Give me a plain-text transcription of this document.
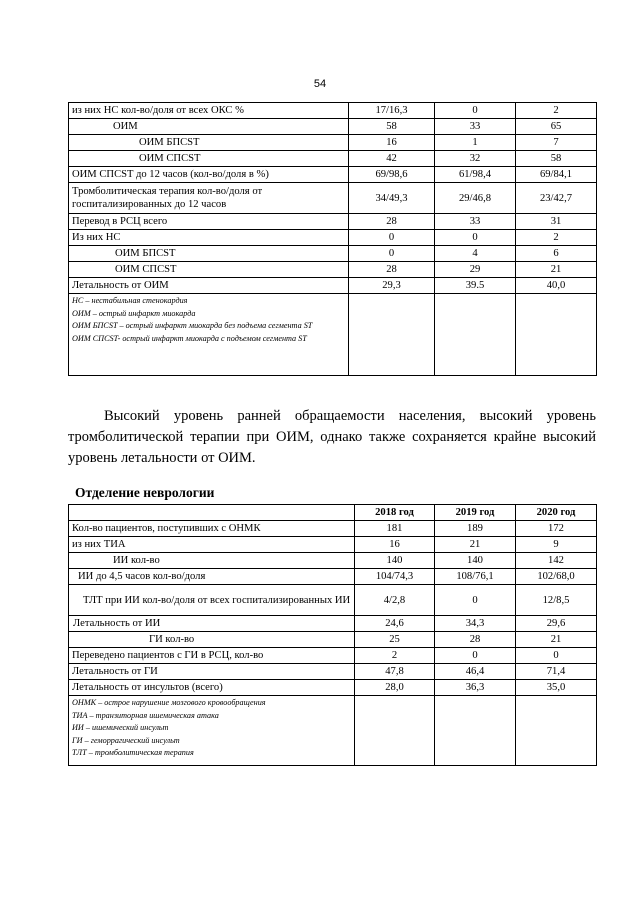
54
из них НС кол-во/доля от всех ОКС %	17/16,3	0	2
ОИМ	58	33	65
ОИМ БПCST	16	1	7
ОИМ СПCST	42	32	58
ОИМ СПCST до 12 часов (кол-во/доля в %)	69/98,6	61/98,4	69/84,1
Тромболитическая терапия кол-во/доля от госпитализированных до 12 часов	34/49,3	29/46,8	23/42,7
Перевод в РСЦ всего	28	33	31
Из них НС	0	0	2
ОИМ БПCST	0	4	6
ОИМ СПCST	28	29	21
Летальность от ОИМ	29,3	39.5	40,0

НС – нестабильная стенокардия
ОИМ – острый инфаркт миокарда
ОИМ БПCST – острый инфаркт миокарда без подъема сегмента ST
ОИМ СПCST- острый инфаркт миокарда с подъемом сегмента ST			

Высокий уровень ранней обращаемости населения, высокий уровень тромболитической терапии при ОИМ, однако также сохраняется крайне высокий уровень летальности от ОИМ.

Отделение неврологии
	2018 год	2019 год	2020 год
Кол-во пациентов, поступивших с ОНМК	181	189	172
из них ТИА	16	21	9
ИИ кол-во	140	140	142
ИИ до 4,5 часов кол-во/доля	104/74,3	108/76,1	102/68,0
ТЛТ при ИИ кол-во/доля от всех госпитализированных ИИ	4/2,8	0	12/8,5
Летальность от ИИ	24,6	34,3	29,6
ГИ кол-во	25	28	21
Переведено пациентов с ГИ в РСЦ, кол-во	2	0	0
Летальность от ГИ	47,8	46,4	71,4
Летальность от инсультов (всего)	28,0	36,3	35,0

ОНМК – острое нарушение мозгового кровообращения
ТИА – транзиторная ишемическая атака
ИИ – ишемический инсульт
ГИ – геморрагический инсульт
ТЛТ – тромболитическая терапия			
